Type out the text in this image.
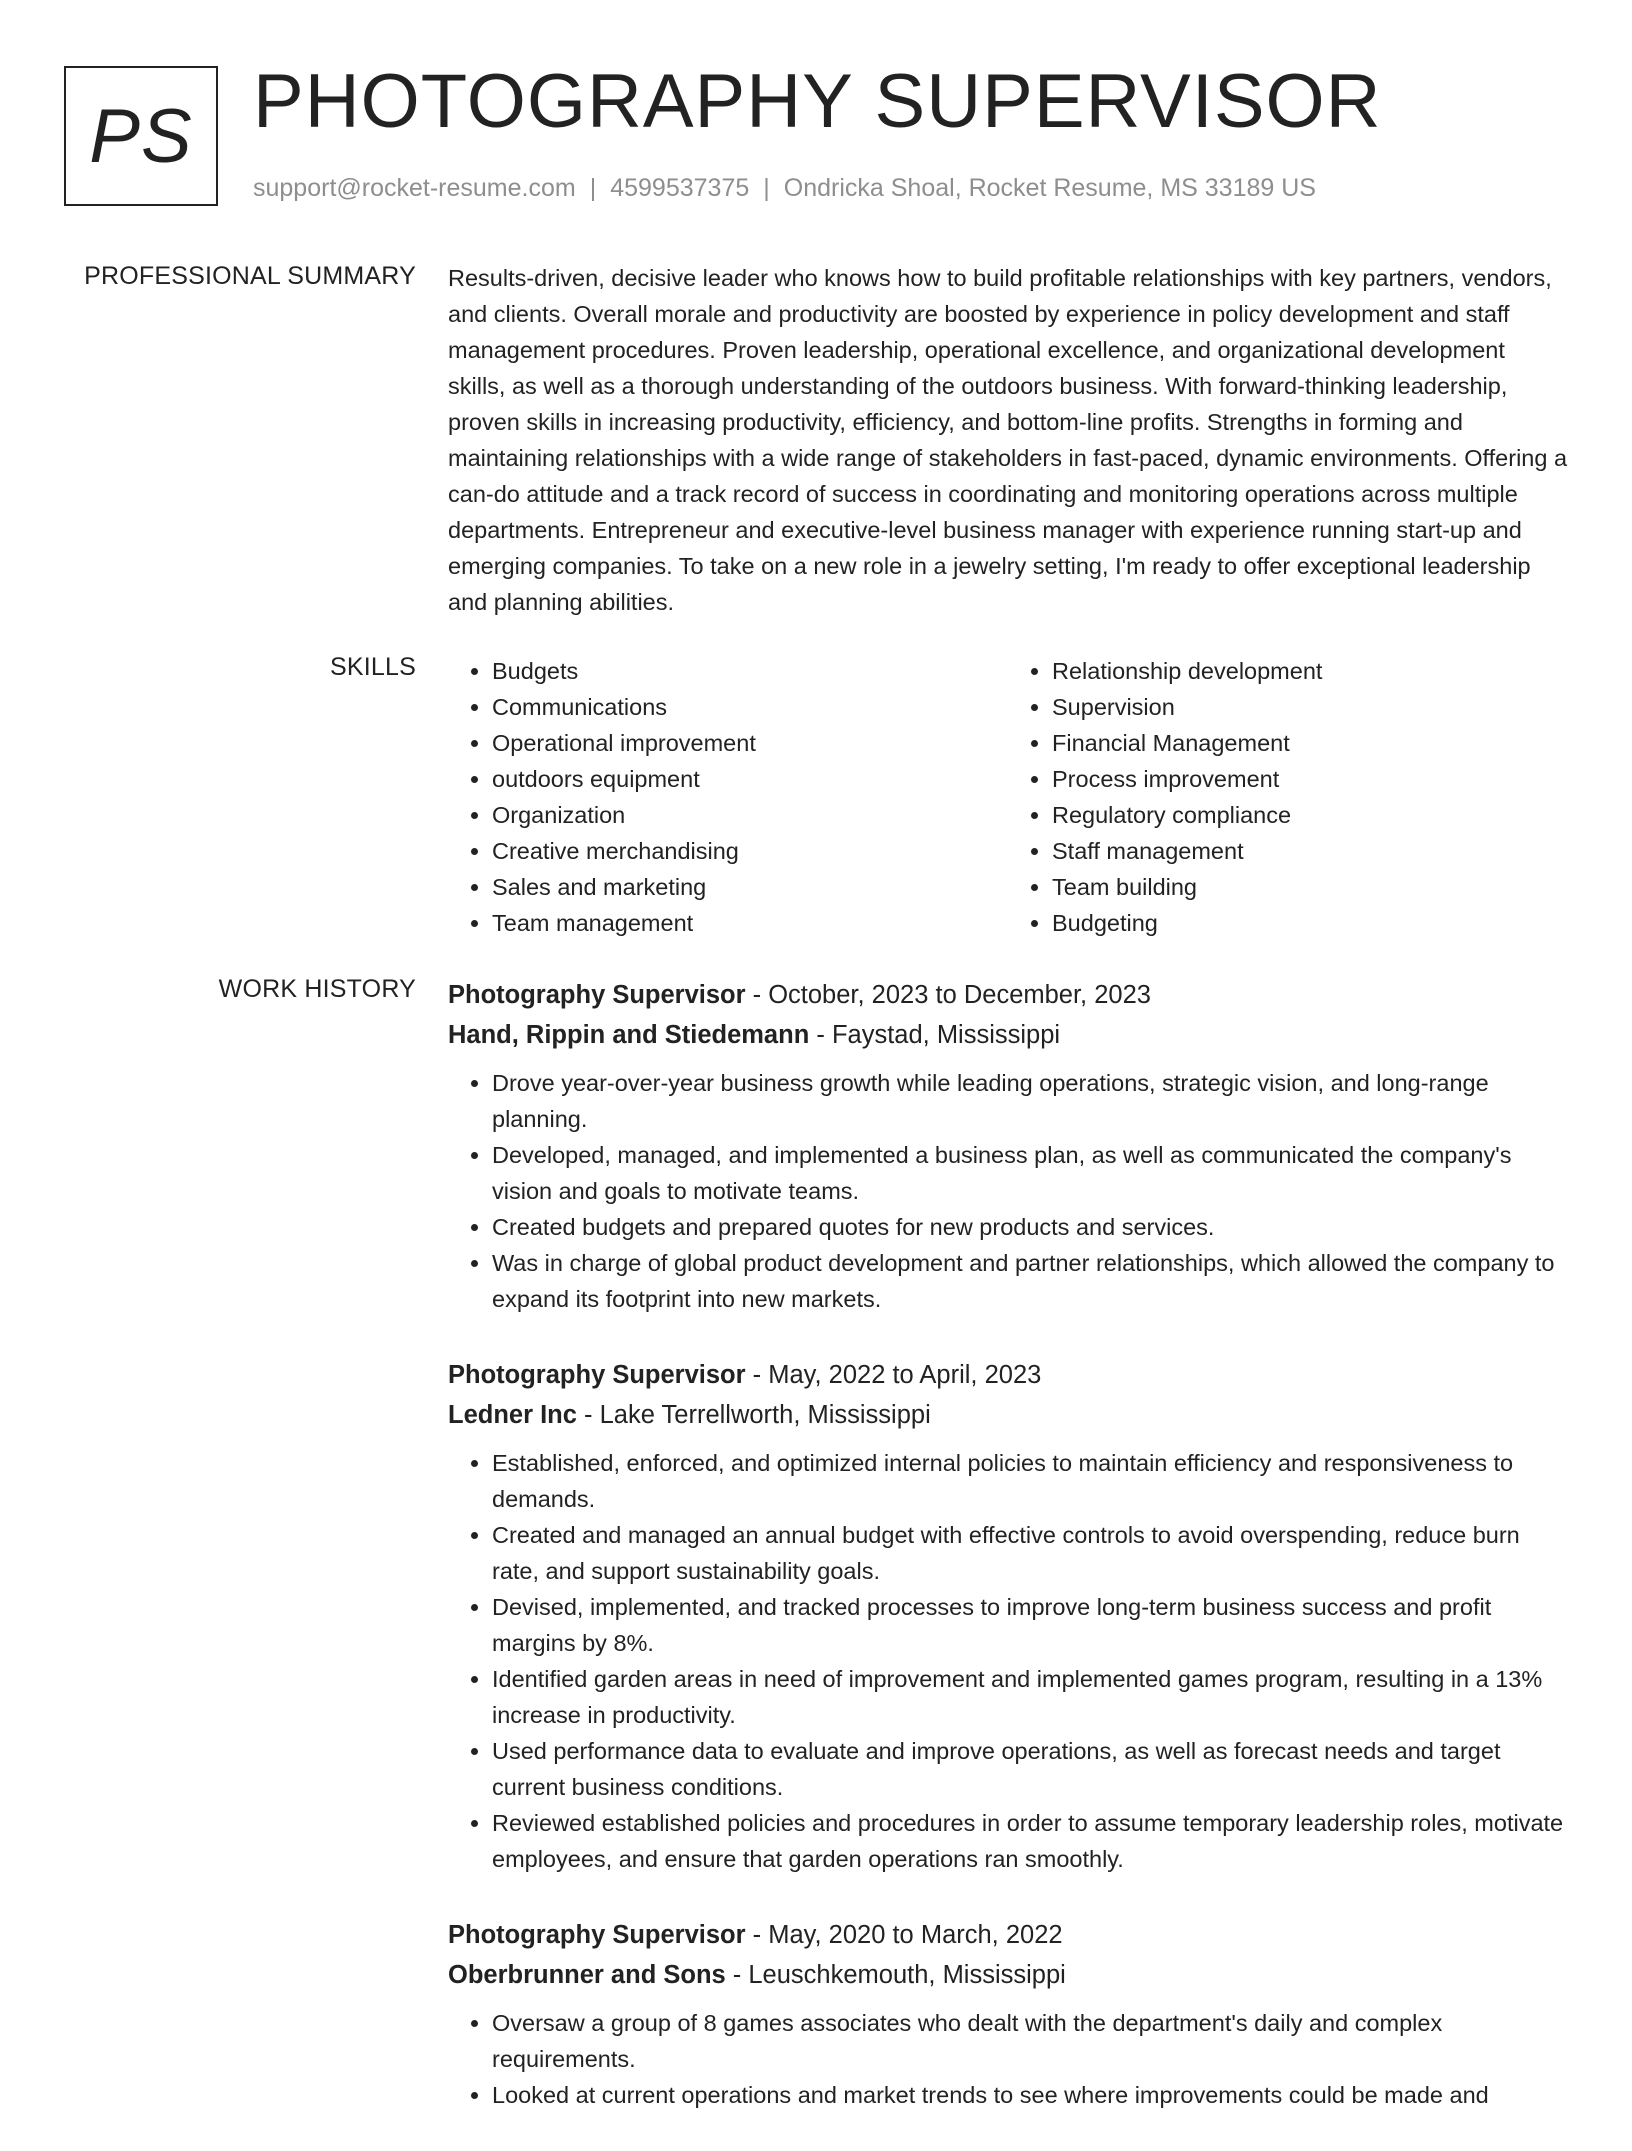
PS PHOTOGRAPHY SUPERVISOR
support@rocket-resume.com | 4599537375 | Ondricka Shoal, Rocket Resume, MS 33189 US
PROFESSIONAL SUMMARY Results-driven, decisive leader who knows how to build profitable relationships with key partners, vendors, and clients. Overall morale and productivity are boosted by experience in policy development and staff management procedures. Proven leadership, operational excellence, and organizational development skills, as well as a thorough understanding of the outdoors business. With forward-thinking leadership, proven skills in increasing productivity, efficiency, and bottom-line profits. Strengths in forming and maintaining relationships with a wide range of stakeholders in fast-paced, dynamic environments. Offering a can-do attitude and a track record of success in coordinating and monitoring operations across multiple departments. Entrepreneur and executive-level business manager with experience running start-up and emerging companies. To take on a new role in a jewelry setting, I'm ready to offer exceptional leadership and planning abilities.

SKILLS
•	Budgets
• Communications
• Operational improvement
• outdoors equipment
• Organization
• Creative merchandising
• Sales and marketing
• Team management
• Relationship development
• Supervision
• Financial Management
• Process improvement
• Regulatory compliance
• Staff management
• Team building
• Budgeting
WORK HISTORY Photography Supervisor - October, 2023 to December, 2023
Hand, Rippin and Stiedemann - Faystad, Mississippi
• Drove year-over-year business growth while leading operations, strategic vision, and long-range planning.
• Developed, managed, and implemented a business plan, as well as communicated the company's vision and goals to motivate teams.
• Created budgets and prepared quotes for new products and services.
• Was in charge of global product development and partner relationships, which allowed the company to expand its footprint into new markets.
Photography Supervisor - May, 2022 to April, 2023
Ledner Inc - Lake Terrellworth, Mississippi
• Established, enforced, and optimized internal policies to maintain efficiency and responsiveness to demands.
• Created and managed an annual budget with effective controls to avoid overspending, reduce burn rate, and support sustainability goals.
• Devised, implemented, and tracked processes to improve long-term business success and profit margins by 8%.
• Identified garden areas in need of improvement and implemented games program, resulting in a 13% increase in productivity.
• Used performance data to evaluate and improve operations, as well as forecast needs and target current business conditions.
• Reviewed established policies and procedures in order to assume temporary leadership roles, motivate employees, and ensure that garden operations ran smoothly.
Photography Supervisor - May, 2020 to March, 2022
Oberbrunner and Sons - Leuschkemouth, Mississippi
• Oversaw a group of 8 games associates who dealt with the department's daily and complex requirements.
• Looked at current operations and market trends to see where improvements could be made and
